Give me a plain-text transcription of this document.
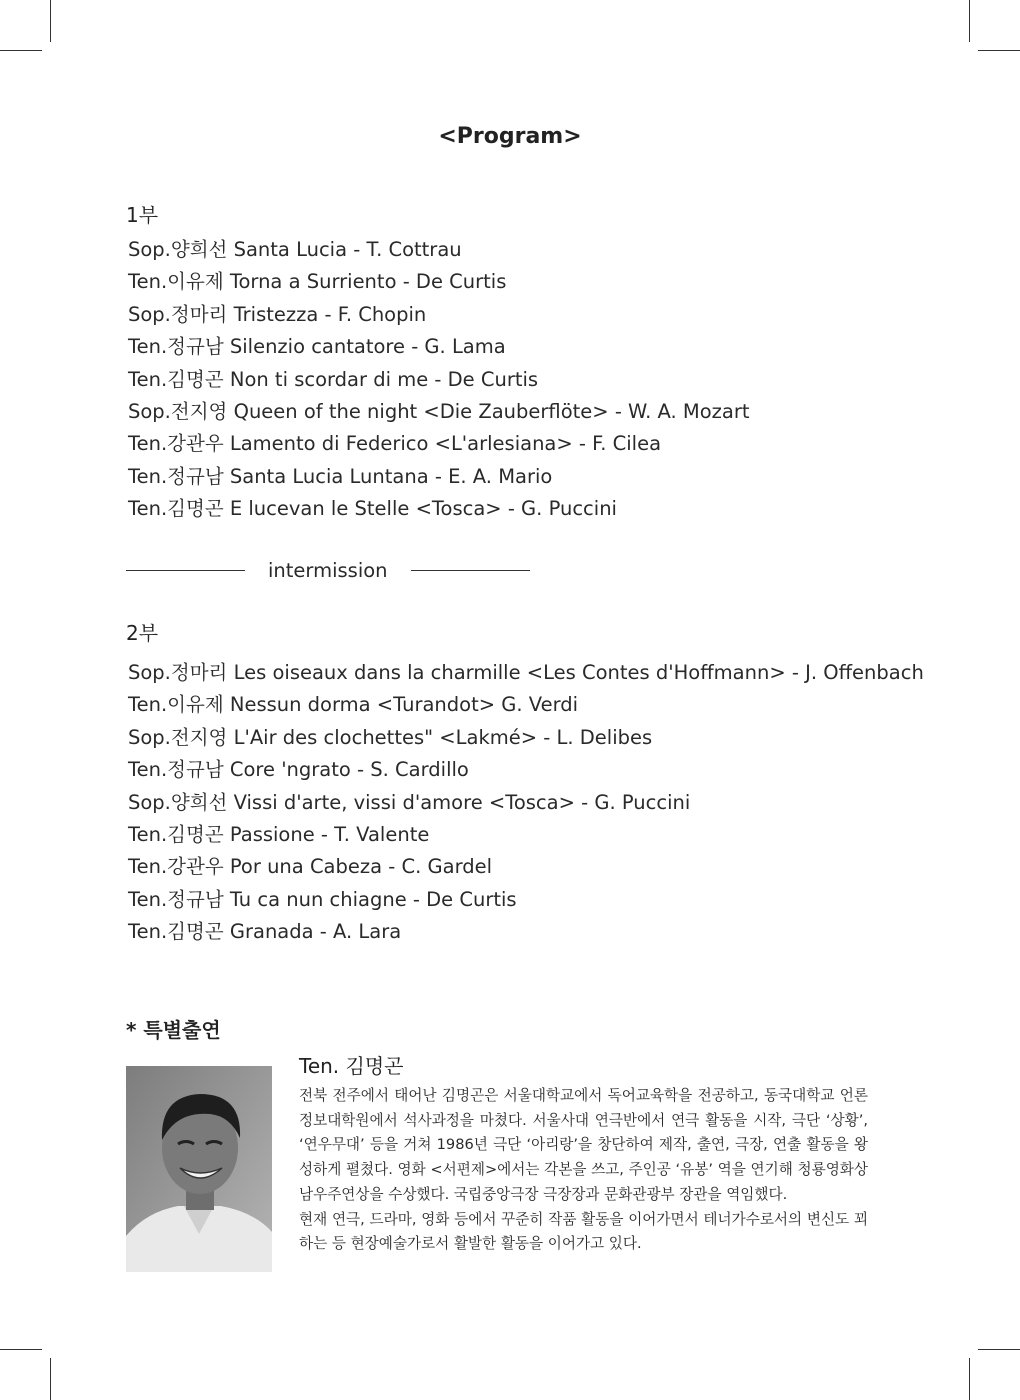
<Program>
1부
Sop.양희선 Santa Lucia - T. Cottrau
Ten.이유제 Torna a Surriento - De Curtis
Sop.정마리 Tristezza - F. Chopin
Ten.정규남 Silenzio cantatore - G. Lama
Ten.김명곤 Non ti scordar di me - De Curtis
Sop.전지영 Queen of the night <Die Zauberflöte> - W. A. Mozart
Ten.강관우 Lamento di Federico <L'arlesiana> - F. Cilea
Ten.정규남 Santa Lucia Luntana - E. A. Mario
Ten.김명곤 E lucevan le Stelle <Tosca> - G. Puccini
intermission
2부
Sop.정마리 Les oiseaux dans la charmille <Les Contes d'Hoffmann> - J. Offenbach
Ten.이유제 Nessun dorma <Turandot> G. Verdi
Sop.전지영 L'Air des clochettes" <Lakmé> - L. Delibes
Ten.정규남 Core 'ngrato - S. Cardillo
Sop.양희선 Vissi d'arte, vissi d'amore <Tosca> - G. Puccini
Ten.김명곤 Passione - T. Valente
Ten.강관우 Por una Cabeza - C. Gardel
Ten.정규남 Tu ca nun chiagne - De Curtis
Ten.김명곤 Granada - A. Lara
* 특별출연
Ten. 김명곤

전북 전주에서 태어난 김명곤은 서울대학교에서 독어교육학을 전공하고, 동국대학교 언론정보대학원에서 석사과정을 마쳤다. 서울사대 연극반에서 연극 활동을 시작, 극단 ‘상황’, ‘연우무대’ 등을 거쳐 1986년 극단 ‘아리랑’을 창단하여 제작, 출연, 극장, 연출 활동을 왕성하게 펼쳤다. 영화 <서편제>에서는 각본을 쓰고, 주인공 ‘유봉’ 역을 연기해 청룡영화상 남우주연상을 수상했다. 국립중앙극장 극장장과 문화관광부 장관을 역임했다.

현재 연극, 드라마, 영화 등에서 꾸준히 작품 활동을 이어가면서 테너가수로서의 변신도 꾀하는 등 현장예술가로서 활발한 활동을 이어가고 있다.
